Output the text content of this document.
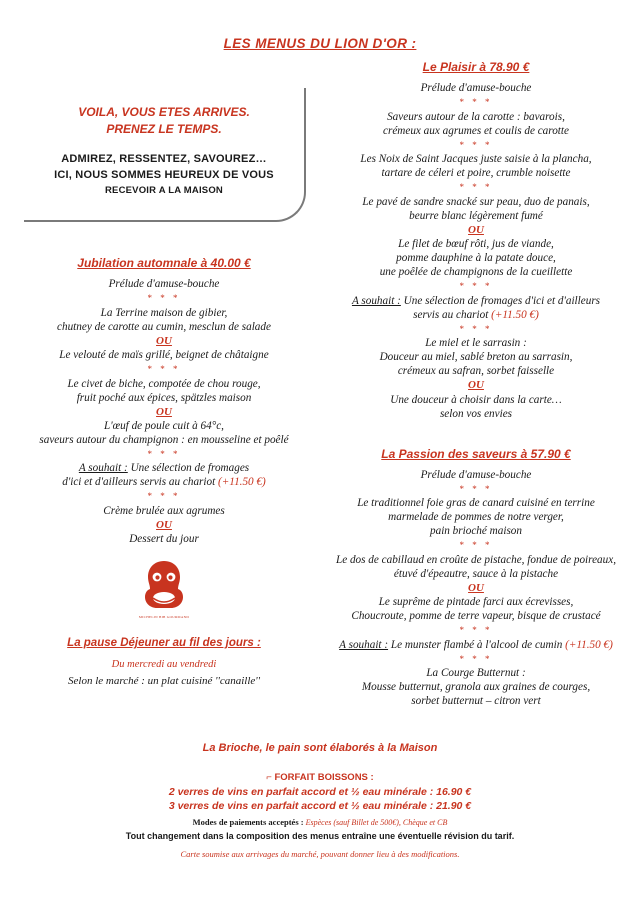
LES MENUS DU LION D'OR :
VOILA, VOUS ETES ARRIVES.
PRENEZ LE TEMPS.
ADMIREZ, RESSENTEZ, SAVOUREZ…
ICI, NOUS SOMMES HEUREUX DE VOUS
RECEVOIR A LA MAISON
Jubilation automnale à 40.00 €
Prélude d'amuse-bouche
* * *
La Terrine maison de gibier,
chutney de carotte au cumin, mesclun de salade
OU
Le velouté de maïs grillé, beignet de châtaigne
* * *
Le civet de biche, compotée de chou rouge,
fruit poché aux épices, spätzles maison
OU
L'œuf de poule cuit à 64°c,
saveurs autour du champignon : en mousseline et poêlé
* * *
A souhait : Une sélection de fromages
d'ici et d'ailleurs servis au chariot (+11.50 €)
* * *
Crème brulée aux agrumes
OU
Dessert du jour
MICHELIN BIB GOURMAND
La pause Déjeuner au fil des jours :
Du mercredi au vendredi
Selon le marché : un plat cuisiné ''canaille''
Le Plaisir à 78.90 €
Prélude d'amuse-bouche
* * *
Saveurs autour de la carotte : bavarois,
crémeux aux agrumes et coulis de carotte
* * *
Les Noix de Saint Jacques juste saisie à la plancha,
tartare de céleri et poire, crumble noisette
* * *
Le pavé de sandre snacké sur peau, duo de panais,
beurre blanc légèrement fumé
OU
Le filet de bœuf rôti, jus de viande,
pomme dauphine à la patate douce,
une poêlée de champignons de la cueillette
* * *
A souhait : Une sélection de fromages d'ici et d'ailleurs
servis au chariot (+11.50 €)
* * *
Le miel et le sarrasin :
Douceur au miel, sablé breton au sarrasin,
crémeux au safran, sorbet faisselle
OU
Une douceur à choisir dans la carte…
selon vos envies
La Passion des saveurs à 57.90 €
Prélude d'amuse-bouche
* * *
Le traditionnel foie gras de canard cuisiné en terrine
marmelade de pommes de notre verger,
pain brioché maison
* * *
Le dos de cabillaud en croûte de pistache, fondue de poireaux,
étuvé d'épeautre, sauce à la pistache
OU
Le suprême de pintade farci aux écrevisses,
Choucroute, pomme de terre vapeur, bisque de crustacé
* * *
A souhait : Le munster flambé à l'alcool de cumin (+11.50 €)
* * *
La Courge Butternut :
Mousse butternut, granola aux graines de courges,
sorbet butternut – citron vert
La Brioche, le pain sont élaborés à la Maison
⌐ FORFAIT BOISSONS :
2 verres de vins en parfait accord et ½ eau minérale : 16.90 €
3 verres de vins en parfait accord et ½ eau minérale : 21.90 €
Modes de paiements acceptés : Espèces (sauf Billet de 500€), Chèque et CB
Tout changement dans la composition des menus entraîne une éventuelle révision du tarif.
Carte soumise aux arrivages du marché, pouvant donner lieu à des modifications.
